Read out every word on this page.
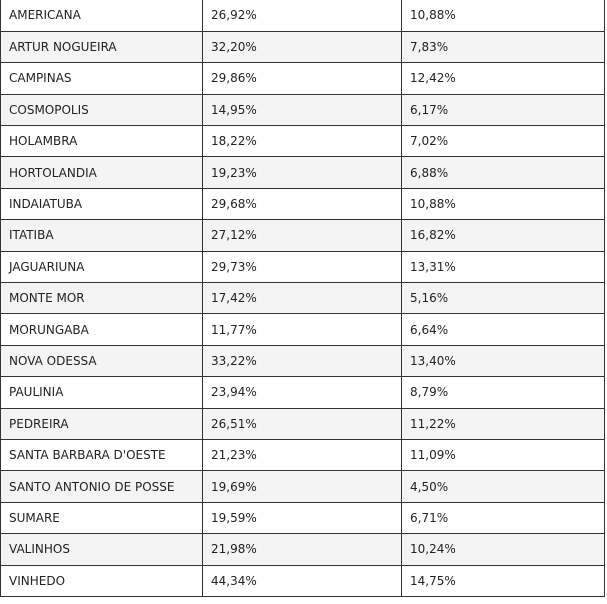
AMERICANA	26,92%	10,88%
ARTUR NOGUEIRA	32,20%	7,83%
CAMPINAS	29,86%	12,42%
COSMOPOLIS	14,95%	6,17%
HOLAMBRA	18,22%	7,02%
HORTOLANDIA	19,23%	6,88%
INDAIATUBA	29,68%	10,88%
ITATIBA	27,12%	16,82%
JAGUARIUNA	29,73%	13,31%
MONTE MOR	17,42%	5,16%
MORUNGABA	11,77%	6,64%
NOVA ODESSA	33,22%	13,40%
PAULINIA	23,94%	8,79%
PEDREIRA	26,51%	11,22%
SANTA BARBARA D'OESTE	21,23%	11,09%
SANTO ANTONIO DE POSSE	19,69%	4,50%
SUMARE	19,59%	6,71%
VALINHOS	21,98%	10,24%
VINHEDO	44,34%	14,75%
